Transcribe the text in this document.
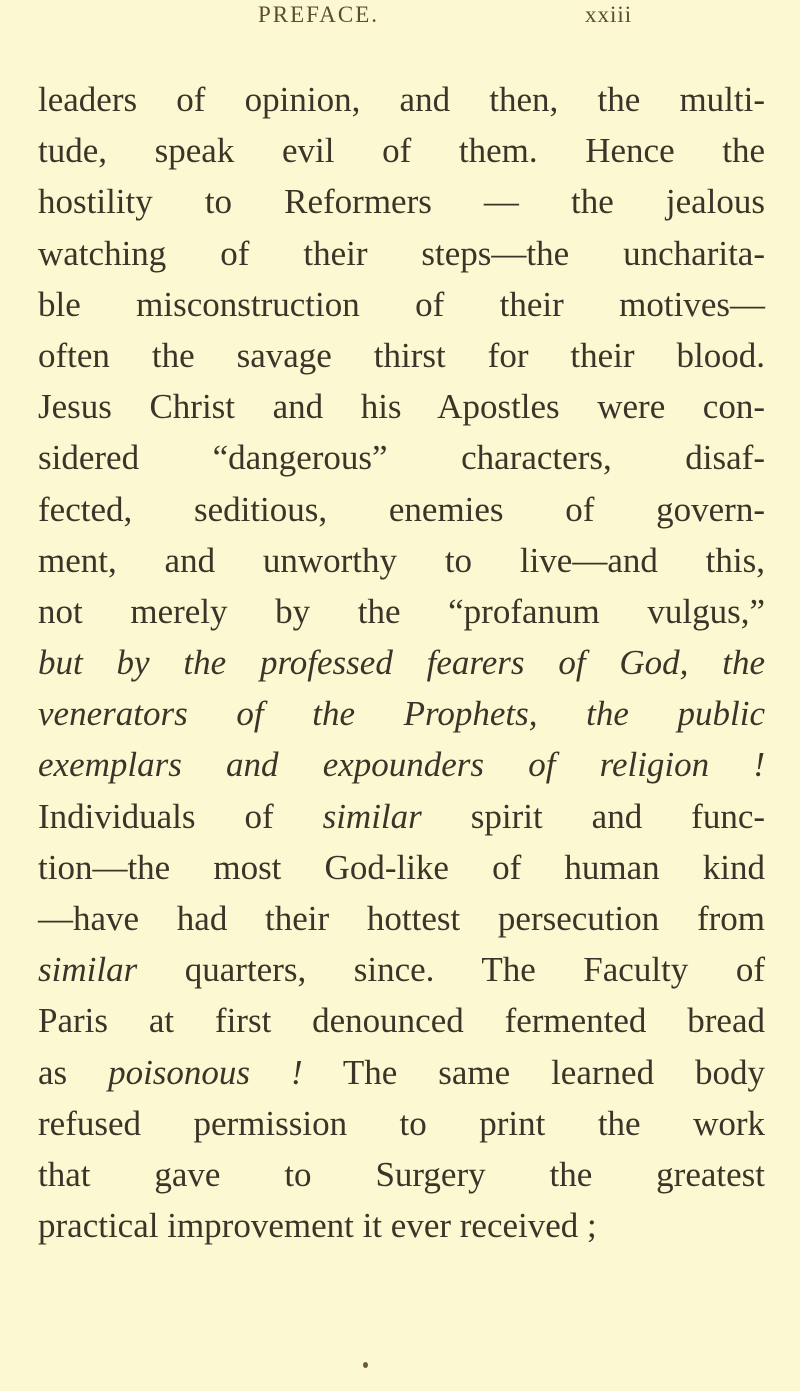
PREFACE.	xxiii
leaders of opinion, and then, the multi-
tude, speak evil of them. Hence the
hostility to Reformers — the jealous
watching of their steps—the uncharita-
ble misconstruction of their motives—
often the savage thirst for their blood.
Jesus Christ and his Apostles were con-
sidered “dangerous” characters, disaf-
fected, seditious, enemies of govern-
ment, and unworthy to live—and this,
not merely by the “profanum vulgus,”
but by the professed fearers of God, the
venerators of the Prophets, the public
exemplars and expounders of religion !
Individuals of similar spirit and func-
tion—the most God-like of human kind
—have had their hottest persecution from
similar quarters, since. The Faculty of
Paris at first denounced fermented bread
as poisonous ! The same learned body
refused permission to print the work
that gave to Surgery the greatest
practical improvement it ever received ;
